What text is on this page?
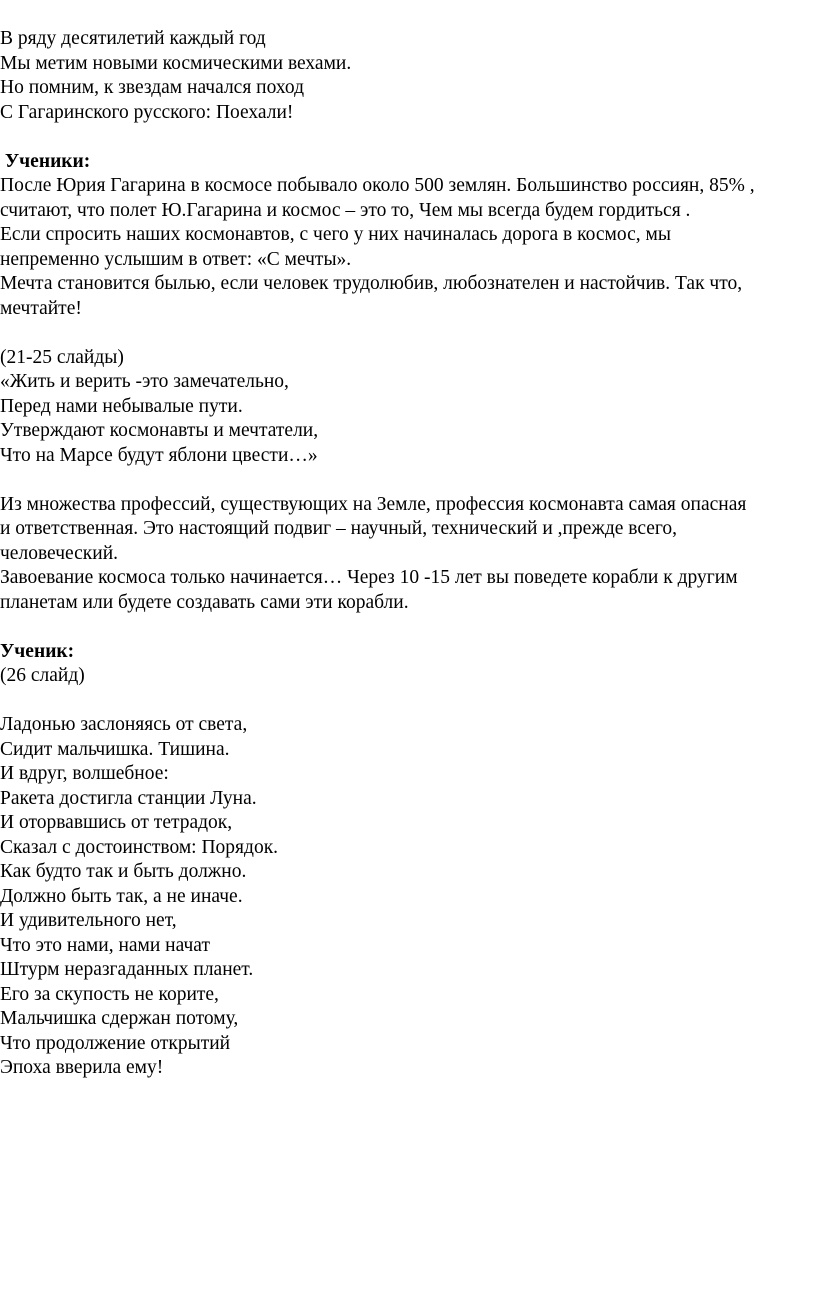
В ряду десятилетий каждый год
Мы метим новыми космическими вехами.
Но помним, к звездам начался поход
С Гагаринского русского: Поехали!
Ученики:
После Юрия Гагарина в космосе побывало около 500 землян. Большинство россиян, 85% ,
считают, что полет Ю.Гагарина и космос – это то, Чем мы всегда будем гордиться .
Если спросить наших космонавтов, с чего у них начиналась дорога в космос, мы
непременно услышим в ответ: «С мечты».
Мечта становится былью, если человек трудолюбив, любознателен и настойчив. Так что,
мечтайте!
(21-25 слайды)
«Жить и верить -это замечательно,
Перед нами небывалые пути.
Утверждают космонавты и мечтатели,
Что на Марсе будут яблони цвести…»
Из множества профессий, существующих на Земле, профессия космонавта самая опасная
и ответственная. Это настоящий подвиг – научный, технический и ,прежде всего,
человеческий.
Завоевание космоса только начинается… Через 10 -15 лет вы поведете корабли к другим
планетам или будете создавать сами эти корабли.
Ученик:
(26 слайд)
Ладонью заслоняясь от света,
Сидит мальчишка. Тишина.
И вдруг, волшебное:
Ракета достигла станции Луна.
И оторвавшись от тетрадок,
Сказал с достоинством: Порядок.
Как будто так и быть должно.
Должно быть так, а не иначе.
И удивительного нет,
Что это нами, нами начат
Штурм неразгаданных планет.
Его за скупость не корите,
Мальчишка сдержан потому,
Что продолжение открытий
Эпоха вверила ему!
